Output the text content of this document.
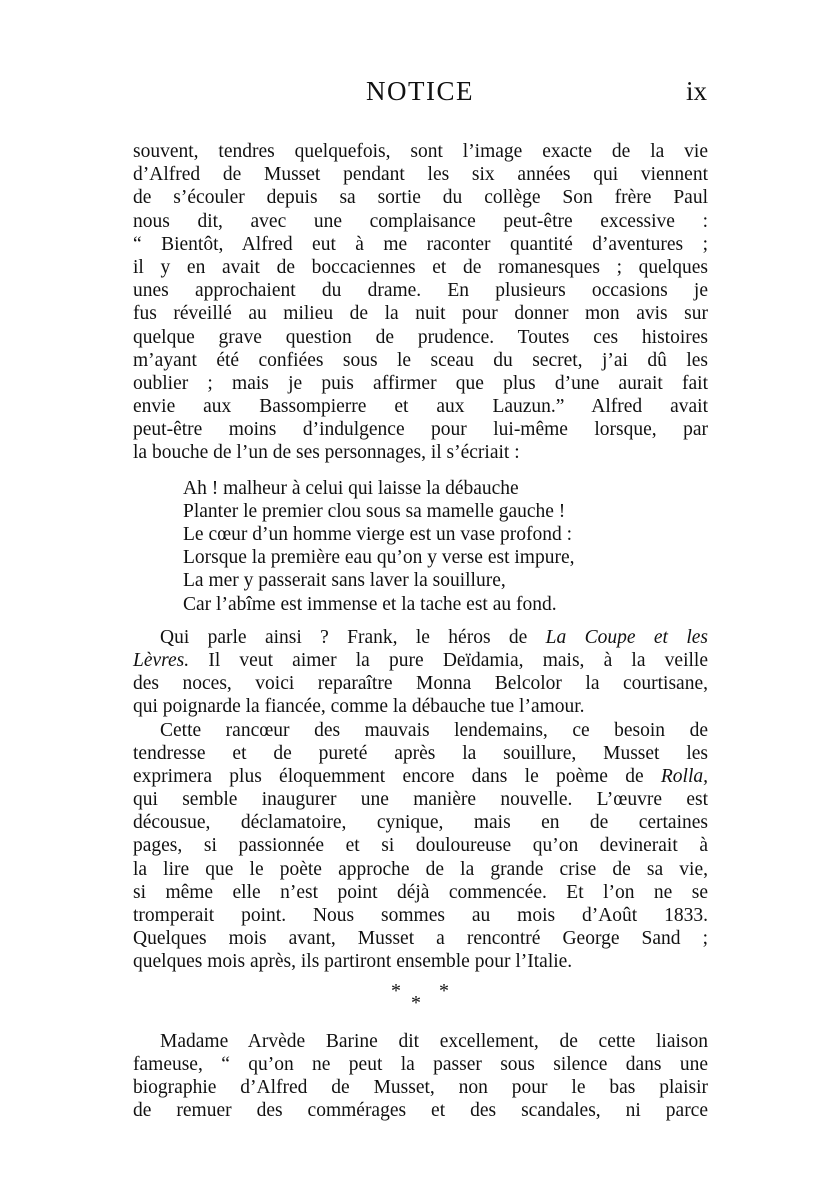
NOTICE	ix
souvent, tendres quelquefois, sont l’image exacte de la vie
d’Alfred de Musset pendant les six années qui viennent
de s’écouler depuis sa sortie du collège Son frère Paul
nous dit, avec une complaisance peut-être excessive :
“ Bientôt, Alfred eut à me raconter quantité d’aventures ;
il y en avait de boccaciennes et de romanesques ; quelques
unes approchaient du drame. En plusieurs occasions je
fus réveillé au milieu de la nuit pour donner mon avis sur
quelque grave question de prudence. Toutes ces histoires
m’ayant été confiées sous le sceau du secret, j’ai dû les
oublier ; mais je puis affirmer que plus d’une aurait fait
envie aux Bassompierre et aux Lauzun.” Alfred avait
peut-être moins d’indulgence pour lui-même lorsque, par
la bouche de l’un de ses personnages, il s’écriait :
Ah ! malheur à celui qui laisse la débauche
Planter le premier clou sous sa mamelle gauche !
Le cœur d’un homme vierge est un vase profond :
Lorsque la première eau qu’on y verse est impure,
La mer y passerait sans laver la souillure,
Car l’abîme est immense et la tache est au fond.
Qui parle ainsi ? Frank, le héros de La Coupe et les
Lèvres. Il veut aimer la pure Deïdamia, mais, à la veille
des noces, voici reparaître Monna Belcolor la courtisane,
qui poignarde la fiancée, comme la débauche tue l’amour.
Cette rancœur des mauvais lendemains, ce besoin de
tendresse et de pureté après la souillure, Musset les
exprimera plus éloquemment encore dans le poème de Rolla,
qui semble inaugurer une manière nouvelle. L’œuvre est
décousue, déclamatoire, cynique, mais en de certaines
pages, si passionnée et si douloureuse qu’on devinerait à
la lire que le poète approche de la grande crise de sa vie,
si même elle n’est point déjà commencée. Et l’on ne se
tromperait point. Nous sommes au mois d’Août 1833.
Quelques mois avant, Musset a rencontré George Sand ;
quelques mois après, ils partiront ensemble pour l’Italie.
*
*
*
Madame Arvède Barine dit excellement, de cette liaison
fameuse, “ qu’on ne peut la passer sous silence dans une
biographie d’Alfred de Musset, non pour le bas plaisir
de remuer des commérages et des scandales, ni parce
